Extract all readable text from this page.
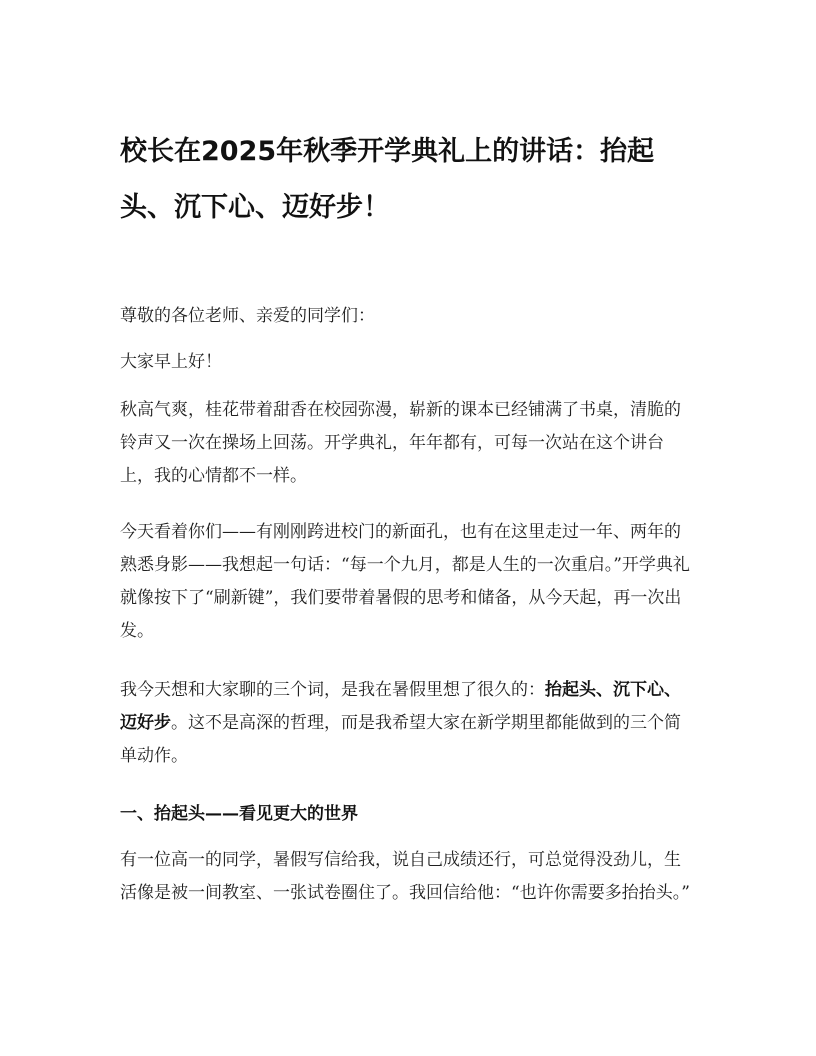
校长在2025年秋季开学典礼上的讲话：抬起头、沉下心、迈好步！

尊敬的各位老师、亲爱的同学们：

大家早上好！

秋高气爽，桂花带着甜香在校园弥漫，崭新的课本已经铺满了书桌，清脆的铃声又一次在操场上回荡。开学典礼，年年都有，可每一次站在这个讲台上，我的心情都不一样。

今天看着你们——有刚刚跨进校门的新面孔，也有在这里走过一年、两年的熟悉身影——我想起一句话：“每一个九月，都是人生的一次重启。”开学典礼就像按下了“刷新键”，我们要带着暑假的思考和储备，从今天起，再一次出发。

我今天想和大家聊的三个词，是我在暑假里想了很久的：抬起头、沉下心、迈好步。这不是高深的哲理，而是我希望大家在新学期里都能做到的三个简单动作。

一、抬起头——看见更大的世界

有一位高一的同学，暑假写信给我，说自己成绩还行，可总觉得没劲儿，生活像是被一间教室、一张试卷圈住了。我回信给他：“也许你需要多抬抬头。”
